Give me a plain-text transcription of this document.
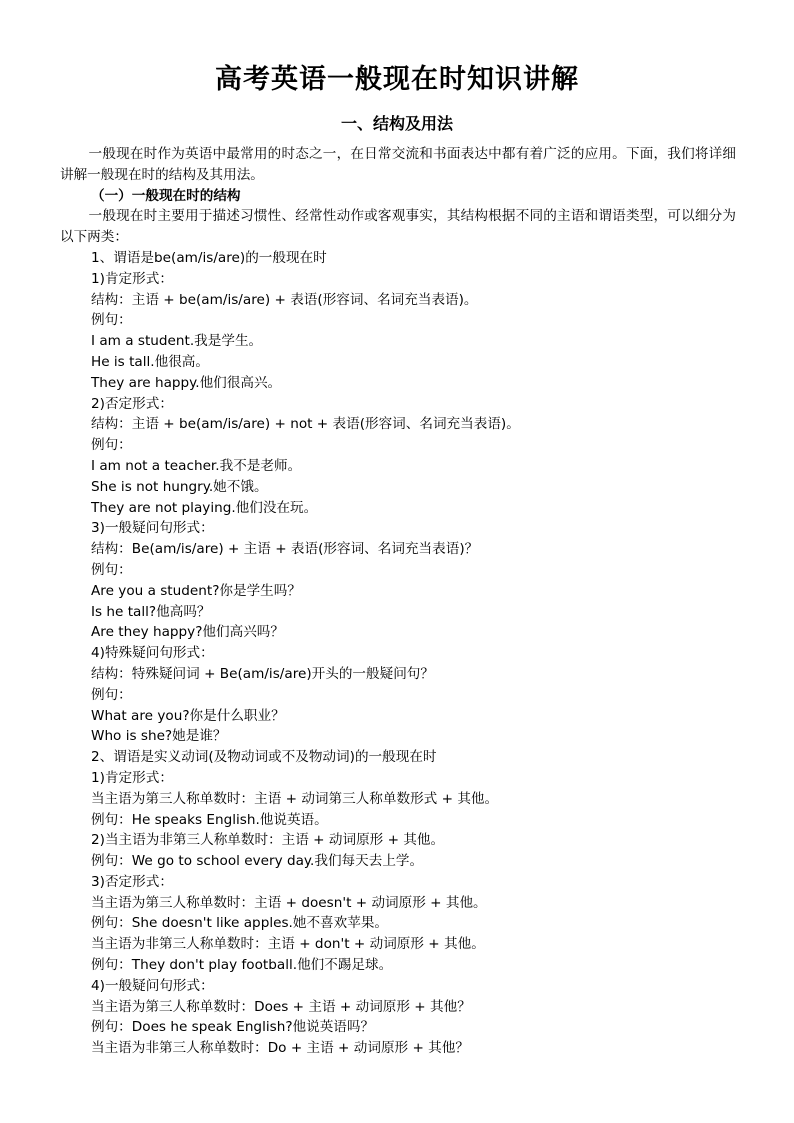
高考英语一般现在时知识讲解
一、结构及用法

一般现在时作为英语中最常用的时态之一，在日常交流和书面表达中都有着广泛的应用。下面，我们将详细讲解一般现在时的结构及其用法。

（一）一般现在时的结构

一般现在时主要用于描述习惯性、经常性动作或客观事实，其结构根据不同的主语和谓语类型，可以细分为以下两类：

1、谓语是be(am/is/are)的一般现在时

1)肯定形式：

结构：主语 + be(am/is/are) + 表语(形容词、名词充当表语)。

例句：

I am a student.我是学生。

He is tall.他很高。

They are happy.他们很高兴。

2)否定形式：

结构：主语 + be(am/is/are) + not + 表语(形容词、名词充当表语)。

例句：

I am not a teacher.我不是老师。

She is not hungry.她不饿。

They are not playing.他们没在玩。

3)一般疑问句形式：

结构：Be(am/is/are) + 主语 + 表语(形容词、名词充当表语)？

例句：

Are you a student?你是学生吗？

Is he tall?他高吗？

Are they happy?他们高兴吗？

4)特殊疑问句形式：

结构：特殊疑问词 + Be(am/is/are)开头的一般疑问句？

例句：

What are you?你是什么职业？

Who is she?她是谁？

2、谓语是实义动词(及物动词或不及物动词)的一般现在时

1)肯定形式：

当主语为第三人称单数时：主语 + 动词第三人称单数形式 + 其他。

例句：He speaks English.他说英语。

2)当主语为非第三人称单数时：主语 + 动词原形 + 其他。

例句：We go to school every day.我们每天去上学。

3)否定形式：

当主语为第三人称单数时：主语 + doesn't + 动词原形 + 其他。

例句：She doesn't like apples.她不喜欢苹果。

当主语为非第三人称单数时：主语 + don't + 动词原形 + 其他。

例句：They don't play football.他们不踢足球。

4)一般疑问句形式：

当主语为第三人称单数时：Does + 主语 + 动词原形 + 其他？

例句：Does he speak English?他说英语吗？

当主语为非第三人称单数时：Do + 主语 + 动词原形 + 其他？
